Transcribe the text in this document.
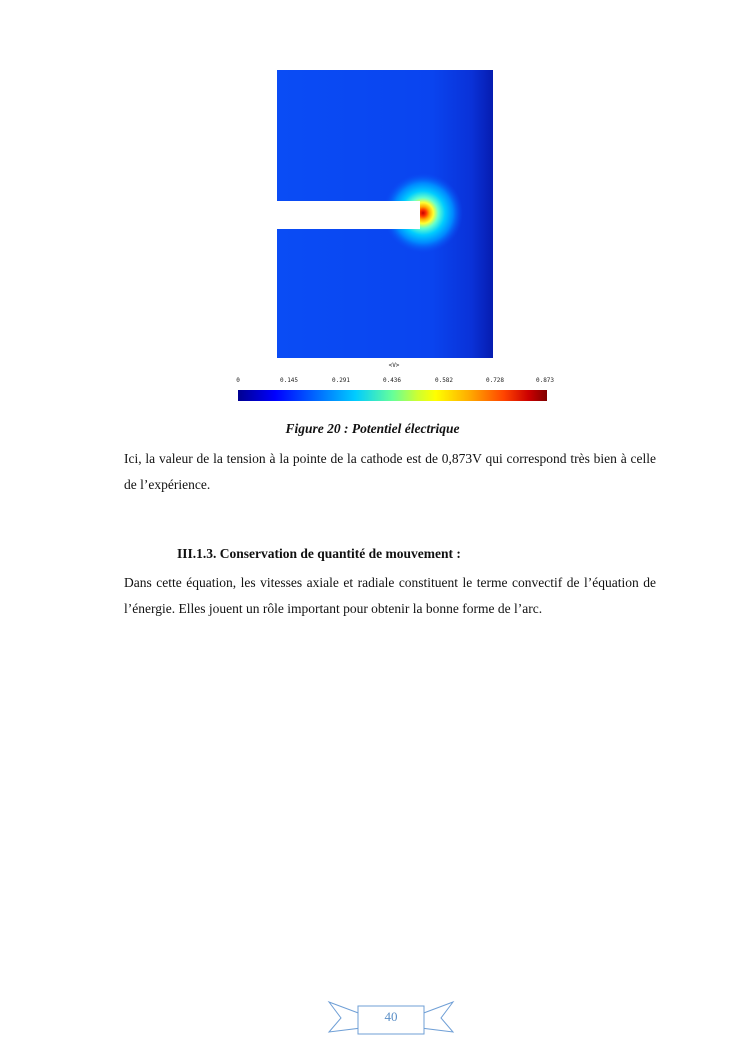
<V>
0	0.145	0.291	0.436	0.582	0.728	0.873
Figure 20 : Potentiel électrique

Ici, la valeur de la tension à la pointe de la cathode est de 0,873V qui correspond très bien à celle de l’expérience.

III.1.3. Conservation de quantité de mouvement :

Dans cette équation, les vitesses axiale et radiale constituent le terme convectif de l’équation de l’énergie. Elles jouent un rôle important pour obtenir la bonne forme de l’arc.

40
